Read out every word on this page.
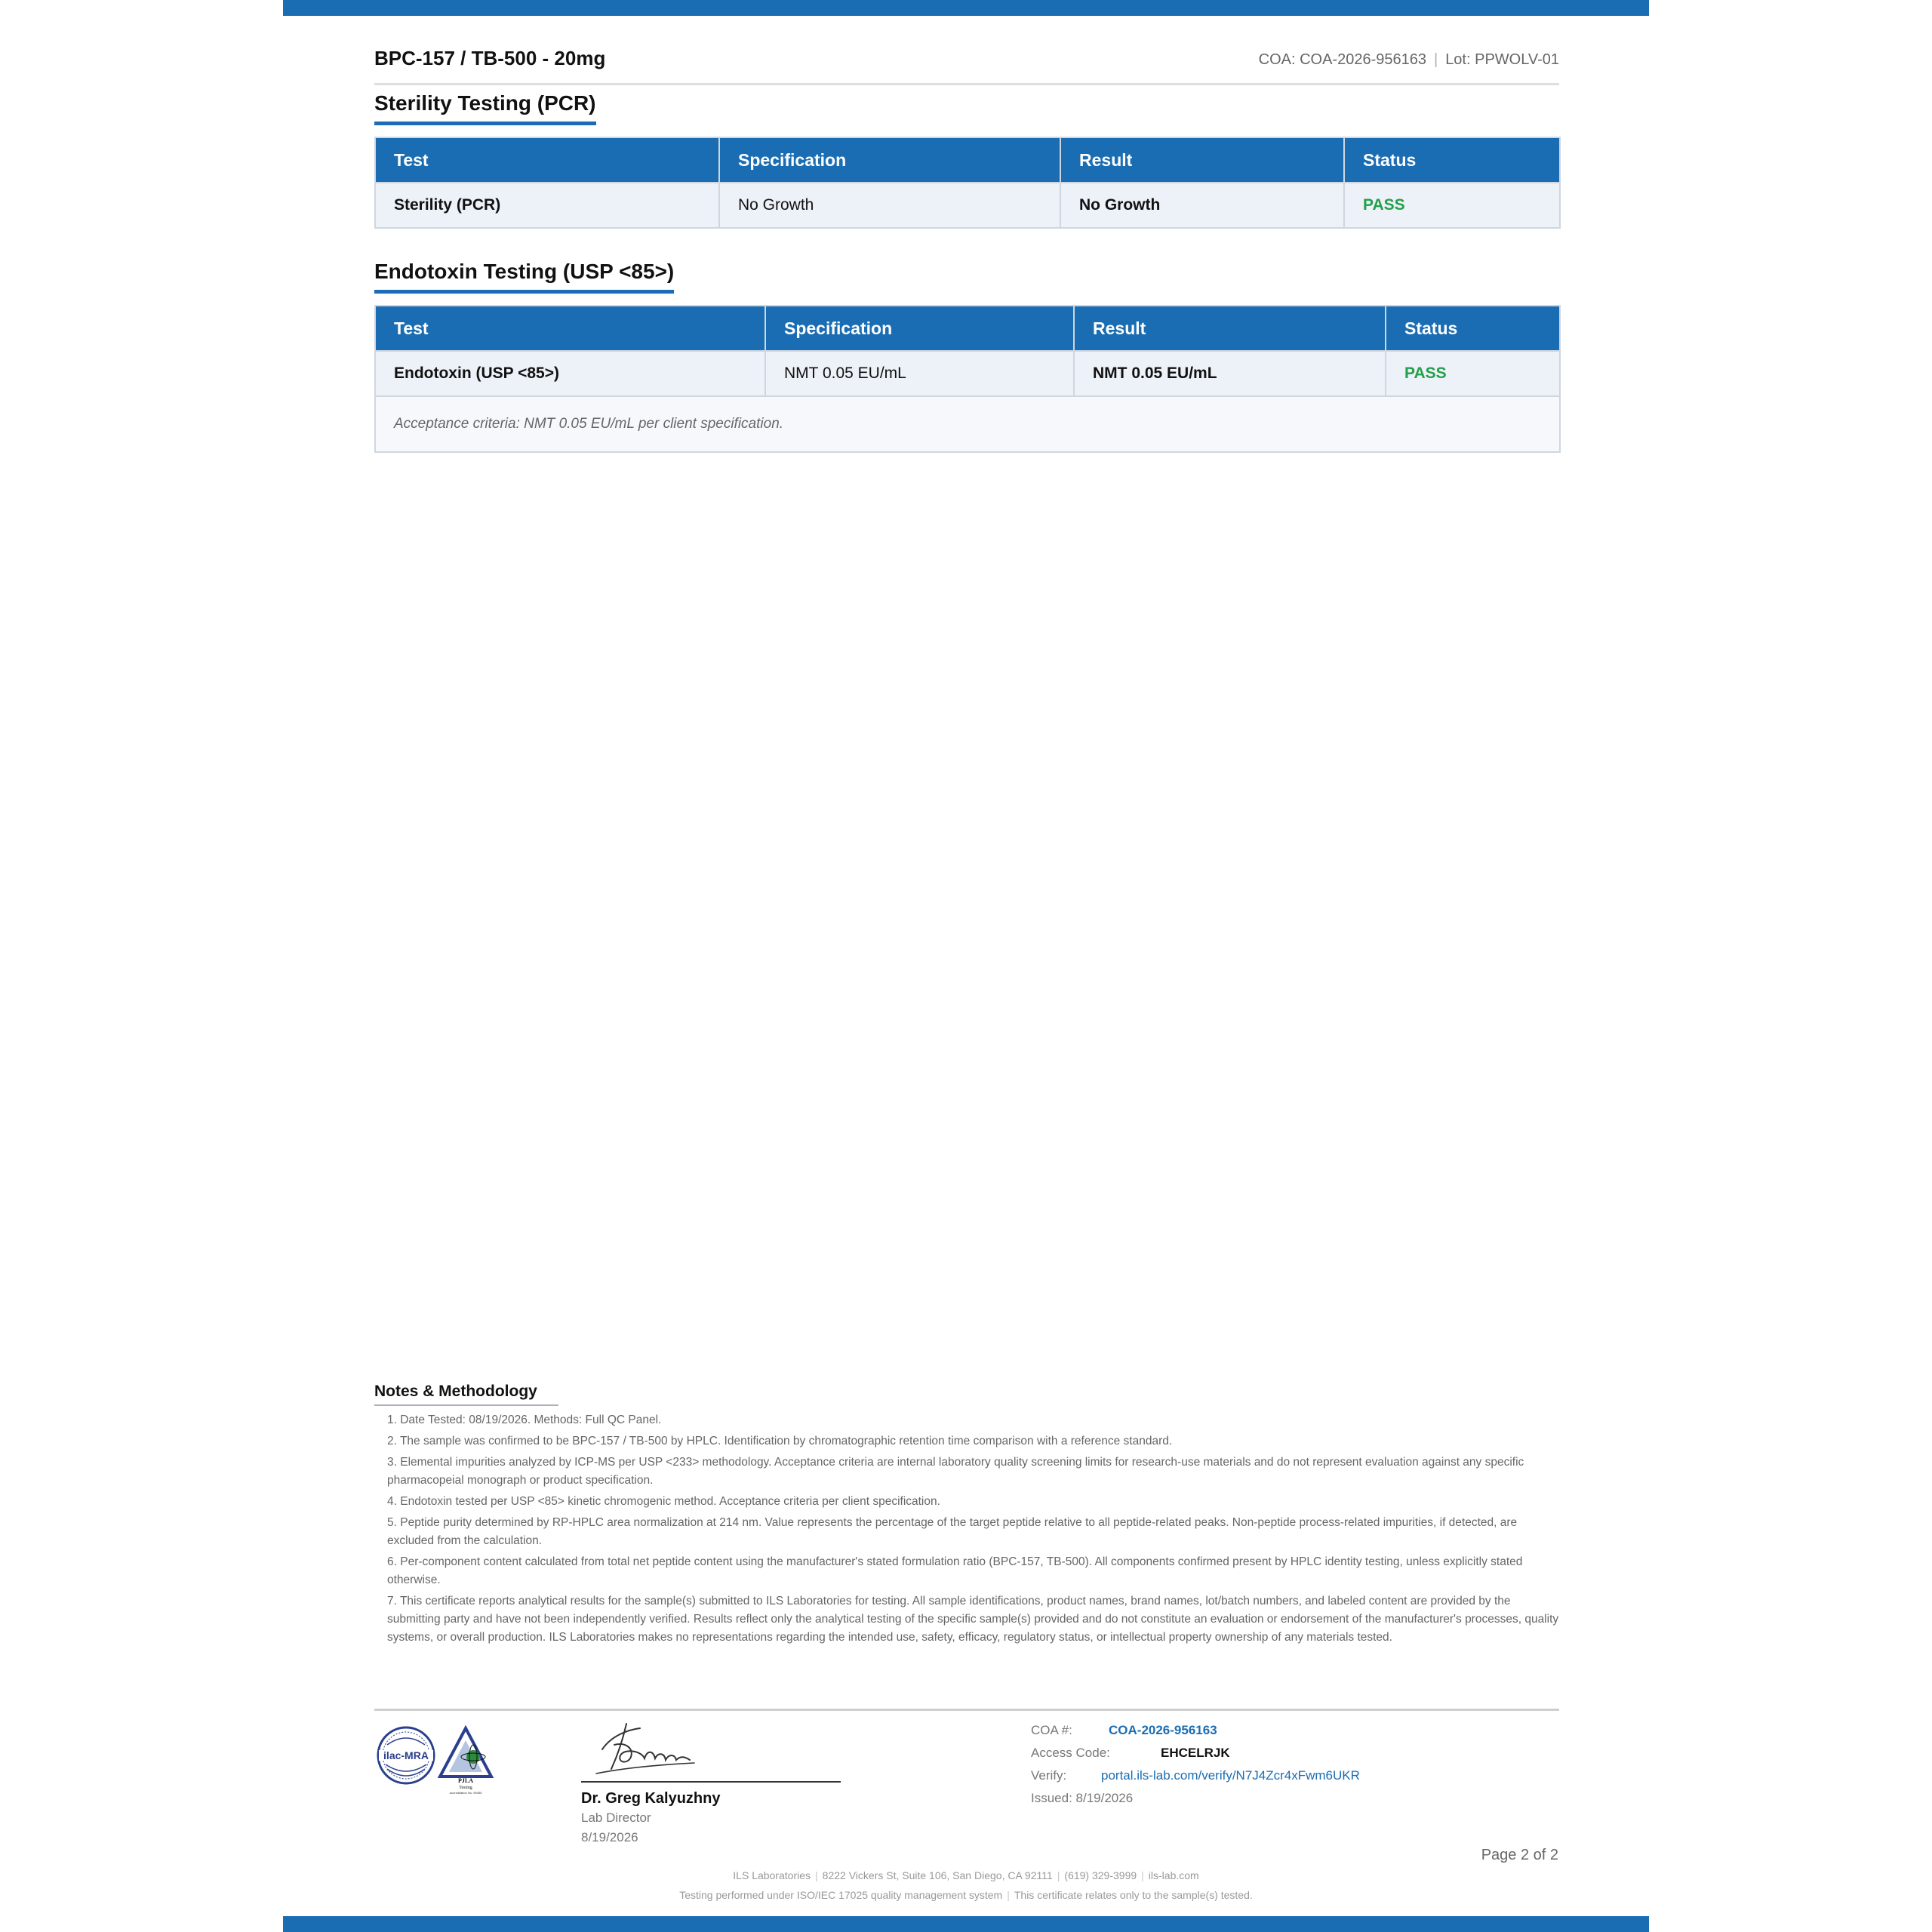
BPC-157 / TB-500 - 20mg	COA: COA-2026-956163 | Lot: PPWOLV-01
Sterility Testing (PCR)
Test	Specification	Result	Status
Sterility (PCR)	No Growth	No Growth	PASS
Endotoxin Testing (USP <85>)
Test	Specification	Result	Status
Endotoxin (USP <85>)	NMT 0.05 EU/mL	NMT 0.05 EU/mL	PASS
Acceptance criteria: NMT 0.05 EU/mL per client specification.			
Notes & Methodology
1. Date Tested: 08/19/2026. Methods: Full QC Panel.
2. The sample was confirmed to be BPC-157 / TB-500 by HPLC. Identification by chromatographic retention time comparison with a reference standard.
3. Elemental impurities analyzed by ICP-MS per USP <233> methodology. Acceptance criteria are internal laboratory quality screening limits for research-use materials and do not represent evaluation against any specific pharmacopeial monograph or product specification.
4. Endotoxin tested per USP <85> kinetic chromogenic method. Acceptance criteria per client specification.
5. Peptide purity determined by RP-HPLC area normalization at 214 nm. Value represents the percentage of the target peptide relative to all peptide-related peaks. Non-peptide process-related impurities, if detected, are excluded from the calculation.
6. Per-component content calculated from total net peptide content using the manufacturer's stated formulation ratio (BPC-157, TB-500). All components confirmed present by HPLC identity testing, unless explicitly stated otherwise.
7. This certificate reports analytical results for the sample(s) submitted to ILS Laboratories for testing. All sample identifications, product names, brand names, lot/batch numbers, and labeled content are provided by the submitting party and have not been independently verified. Results reflect only the analytical testing of the specific sample(s) provided and do not constitute an evaluation or endorsement of the manufacturer's processes, quality systems, or overall production. ILS Laboratories makes no representations regarding the intended use, safety, efficacy, regulatory status, or intellectual property ownership of any materials tested.
ilac-MRA
PJLA
Testing
Accreditation No. 99455	Dr. Greg Kalyuzhny
Lab Director
8/19/2026
COA #:	COA-2026-956163
Access Code:	EHCELRJK
Verify:	portal.ils-lab.com/verify/N7J4Zcr4xFwm6UKR
Issued: 8/19/2026
Page 2 of 2
ILS Laboratories | 8222 Vickers St, Suite 106, San Diego, CA 92111 | (619) 329-3999 | ils-lab.com
Testing performed under ISO/IEC 17025 quality management system | This certificate relates only to the sample(s) tested.
